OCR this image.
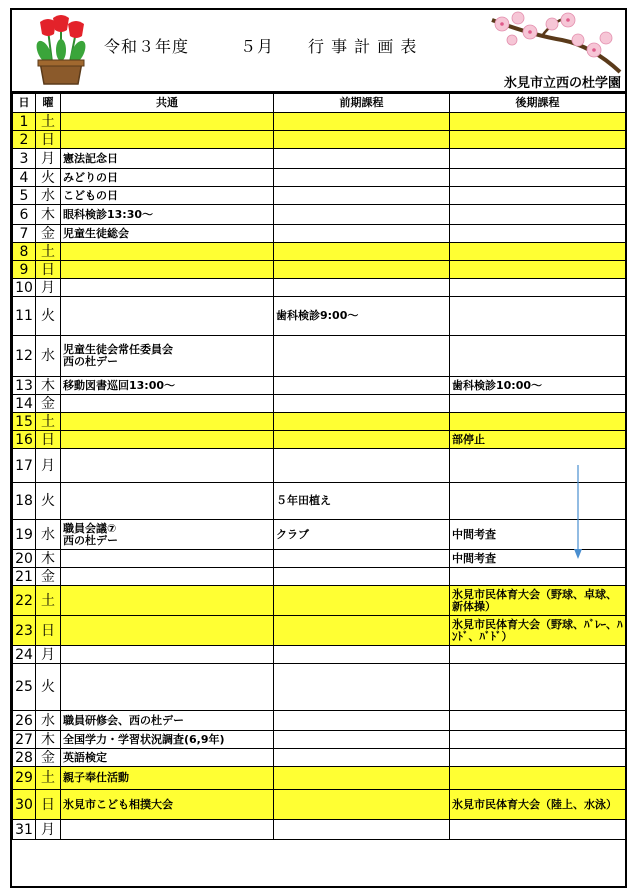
令和３年度　　　５月　　行 事 計 画 表
氷見市立西の杜学園
日	曜	共通	前期課程	後期課程
1	土			
2	日			
3	月	憲法記念日		
4	火	みどりの日		
5	水	こどもの日		
6	木	眼科検診13:30～		
7	金	児童生徒総会		
8	土			
9	日			
10	月			
11	火		歯科検診9:00～	
12	水	児童生徒会常任委員会
西の杜デー		
13	木	移動図書巡回13:00～		歯科検診10:00～
14	金			
15	土			
16	日			部停止
17	月			
18	火		５年田植え	
19	水	職員会議⑦
西の杜デー	クラブ	中間考査
20	木			中間考査
21	金			
22	土			氷見市民体育大会（野球、卓球、新体操）
23	日			氷見市民体育大会（野球、ﾊﾞﾚｰ、ﾊﾝﾄﾞ、ﾊﾞﾄﾞ）
24	月			
25	火			
26	水	職員研修会、西の杜デー		
27	木	全国学力・学習状況調査(6,9年)		
28	金	英語検定		
29	土	親子奉仕活動		
30	日	氷見市こども相撲大会		氷見市民体育大会（陸上、水泳）
31	月			
